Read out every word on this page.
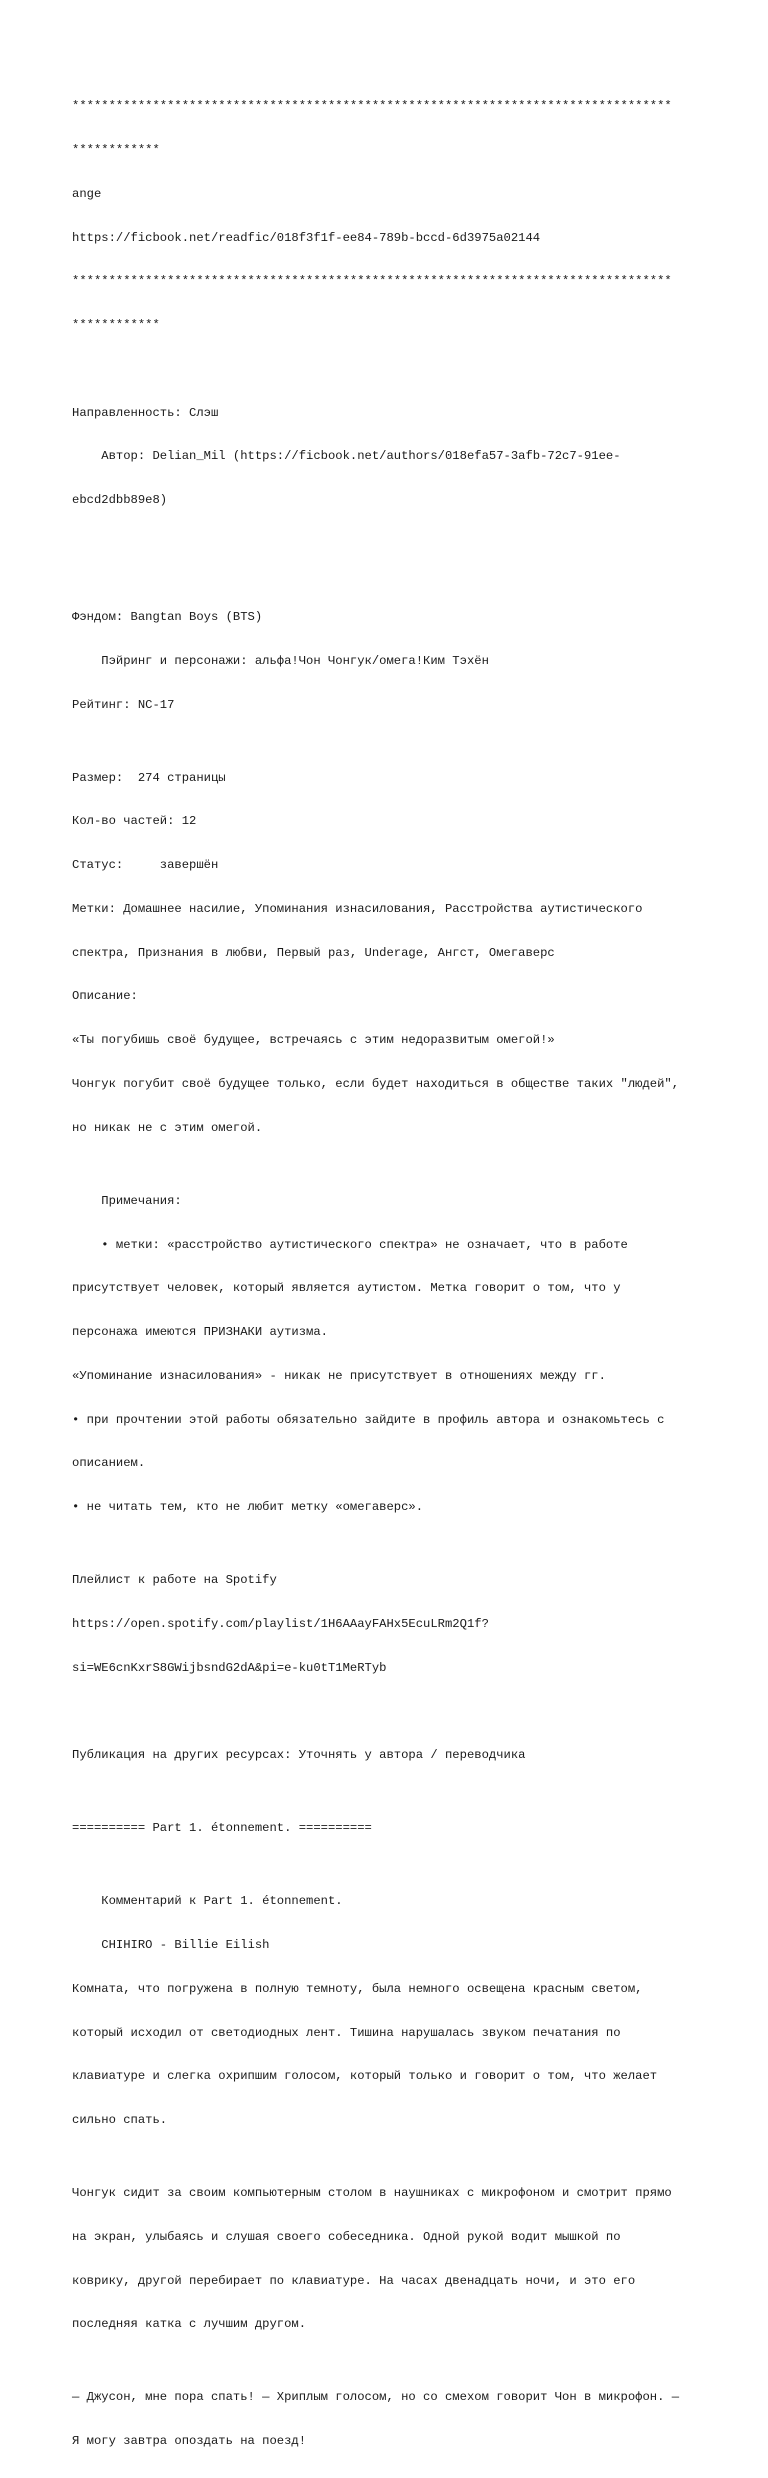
**********************************************************************************

************

ange

https://ficbook.net/readfic/018f3f1f-ee84-789b-bccd-6d3975a02144

**********************************************************************************

************

Направленность: Слэш

Автор: Delian_Mil (https://ficbook.net/authors/018efa57-3afb-72c7-91ee-

ebcd2dbb89e8)

Фэндом: Bangtan Boys (BTS)

Пэйринг и персонажи: альфа!Чон Чонгук/омега!Ким Тэхён

Рейтинг: NC-17

Размер:  274 страницы

Кол-во частей: 12

Статус:     завершён

Метки: Домашнее насилие, Упоминания изнасилования, Расстройства аутистического

спектра, Признания в любви, Первый раз, Underage, Ангст, Омегаверс

Описание:

«Ты погубишь своё будущее, встречаясь с этим недоразвитым омегой!»

Чонгук погубит своё будущее только, если будет находиться в обществе таких "людей",

но никак не с этим омегой.

Примечания:

• метки: «расстройство аутистического спектра» не означает, что в работе

присутствует человек, который является аутистом. Метка говорит о том, что у

персонажа имеются ПРИЗНАКИ аутизма.

«Упоминание изнасилования» - никак не присутствует в отношениях между гг.

• при прочтении этой работы обязательно зайдите в профиль автора и ознакомьтесь с

описанием.

• не читать тем, кто не любит метку «омегаверс».

Плейлист к работе на Spotify

https://open.spotify.com/playlist/1H6AAayFAHx5EcuLRm2Q1f?

si=WE6cnKxrS8GWijbsndG2dA&pi=e-ku0tT1MeRTyb

Публикация на других ресурсах: Уточнять у автора / переводчика

========== Part 1. étonnement. ==========

Комментарий к Part 1. étonnement.

CHIHIRO - Billie Eilish

Комната, что погружена в полную темноту, была немного освещена красным светом,

который исходил от светодиодных лент. Тишина нарушалась звуком печатания по

клавиатуре и слегка охрипшим голосом, который только и говорит о том, что желает

сильно спать.

Чонгук сидит за своим компьютерным столом в наушниках с микрофоном и смотрит прямо

на экран, улыбаясь и слушая своего собеседника. Одной рукой водит мышкой по

коврику, другой перебирает по клавиатуре. На часах двенадцать ночи, и это его

последняя катка с лучшим другом.

— Джусон, мне пора спать! — Хриплым голосом, но со смехом говорит Чон в микрофон. —

Я могу завтра опоздать на поезд!
